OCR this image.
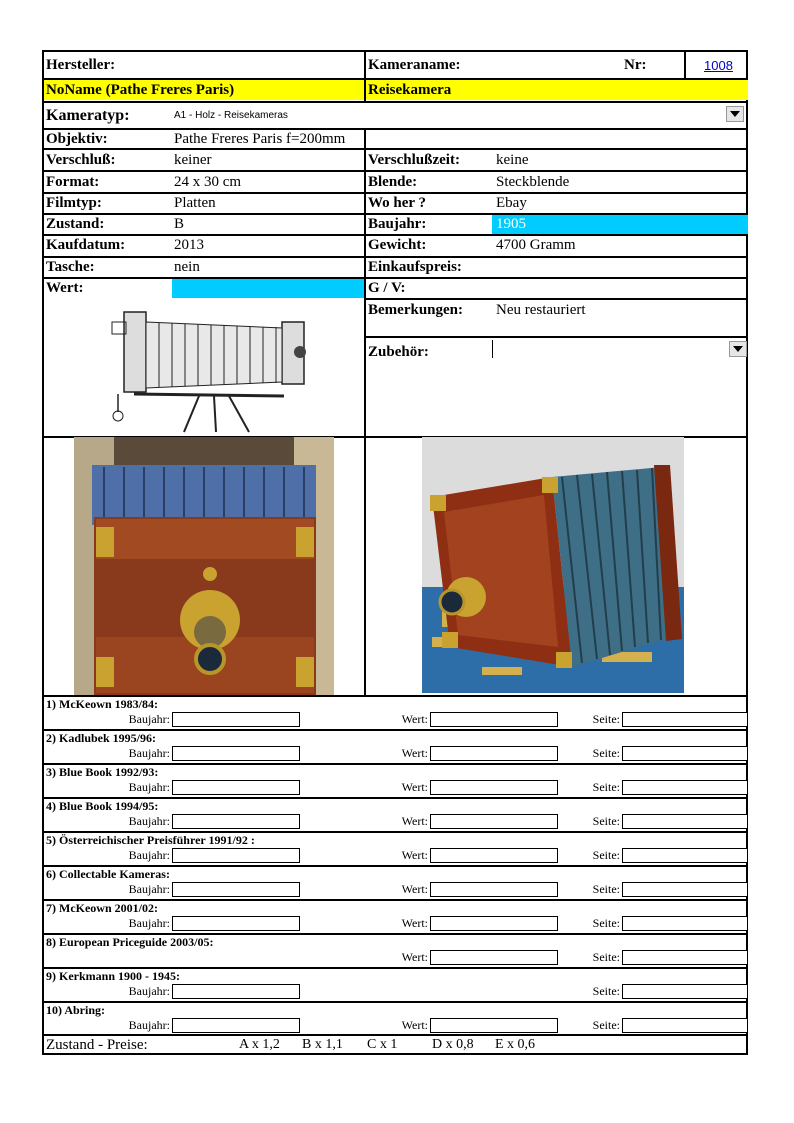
Hersteller:	Kameraname:	Nr:	1008
NoName (Pathe Freres Paris)	Reisekamera
Kameratyp:	A1 - Holz - Reisekameras
Objektiv:	Pathe Freres Paris f=200mm
Verschluß:	keiner	Verschlußzeit: keine
Format:	24 x 30 cm	Blende:	Steckblende
Filmtyp:	Platten	Wo her ?	Ebay
Zustand:	B	Baujahr:	1905
Kaufdatum:	2013	Gewicht:	4700 Gramm
Tasche:	nein	Einkaufspreis:
Wert:	G / V:
Bemerkungen: Neu restauriert
Zubehör:
1) McKeown 1983/84:
Baujahr:	Wert:	Seite:
2) Kadlubek 1995/96:
Baujahr:	Wert:	Seite:
3) Blue Book 1992/93:
Baujahr:	Wert:	Seite:
4) Blue Book 1994/95:
Baujahr:	Wert:	Seite:
5) Österreichischer Preisführer 1991/92 :
Baujahr:	Wert:	Seite:
6) Collectable Kameras:
Baujahr:	Wert:	Seite:
7) McKeown 2001/02:
Baujahr:	Wert:	Seite:
8) European Priceguide 2003/05:
Wert:	Seite:
9) Kerkmann 1900 - 1945:
Baujahr:	Seite:
10) Abring:
Baujahr:	Wert:	Seite:
Zustand - Preise:	A x 1,2 B x 1,1 C x 1 D x 0,8 E x 0,6
